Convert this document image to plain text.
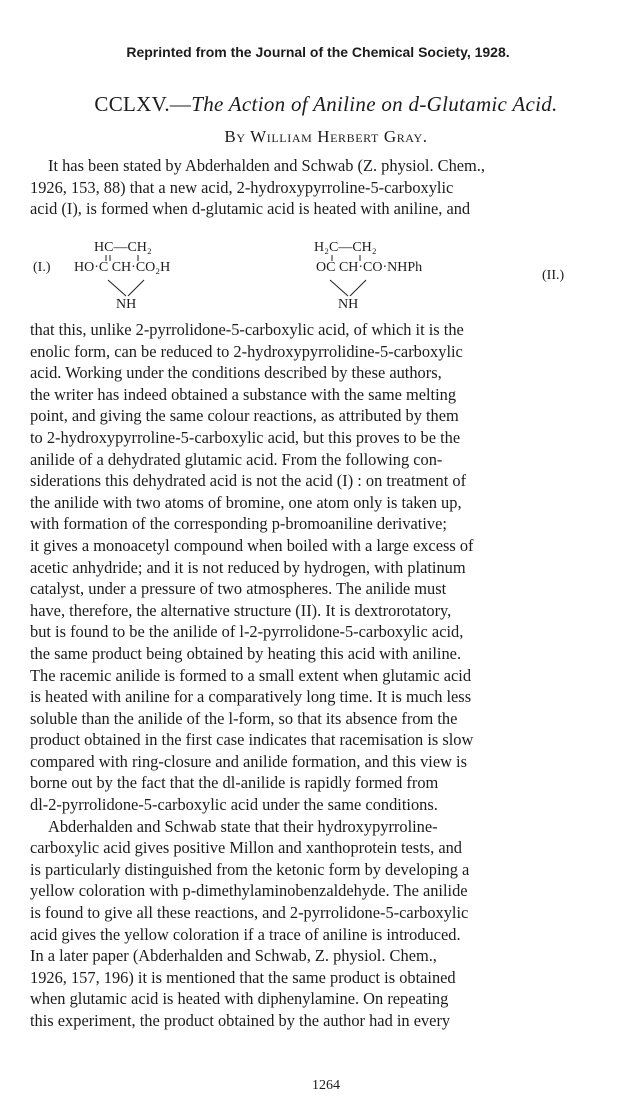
Reprinted from the Journal of the Chemical Society, 1928.
CCLXV.—The Action of Aniline on d-Glutamic Acid.
By William Herbert Gray.
It has been stated by Abderhalden and Schwab (Z. physiol. Chem.,
1926, 153, 88) that a new acid, 2-hydroxypyrroline-5-carboxylic
acid (I), is formed when d-glutamic acid is heated with aniline, and
(I.)
HC—CH₂
HO·C CH·CO₂H
NH
H₂C—CH₂
OC CH·CO·NHPh
NH
(II.)
that this, unlike 2-pyrrolidone-5-carboxylic acid, of which it is the
enolic form, can be reduced to 2-hydroxypyrrolidine-5-carboxylic
acid. Working under the conditions described by these authors,
the writer has indeed obtained a substance with the same melting
point, and giving the same colour reactions, as attributed by them
to 2-hydroxypyrroline-5-carboxylic acid, but this proves to be the
anilide of a dehydrated glutamic acid. From the following con-
siderations this dehydrated acid is not the acid (I) : on treatment of
the anilide with two atoms of bromine, one atom only is taken up,
with formation of the corresponding p-bromoaniline derivative;
it gives a monoacetyl compound when boiled with a large excess of
acetic anhydride; and it is not reduced by hydrogen, with platinum
catalyst, under a pressure of two atmospheres. The anilide must
have, therefore, the alternative structure (II). It is dextrorotatory,
but is found to be the anilide of l-2-pyrrolidone-5-carboxylic acid,
the same product being obtained by heating this acid with aniline.
The racemic anilide is formed to a small extent when glutamic acid
is heated with aniline for a comparatively long time. It is much less
soluble than the anilide of the l-form, so that its absence from the
product obtained in the first case indicates that racemisation is slow
compared with ring-closure and anilide formation, and this view is
borne out by the fact that the dl-anilide is rapidly formed from
dl-2-pyrrolidone-5-carboxylic acid under the same conditions.
Abderhalden and Schwab state that their hydroxypyrroline-
carboxylic acid gives positive Millon and xanthoprotein tests, and
is particularly distinguished from the ketonic form by developing a
yellow coloration with p-dimethylaminobenzaldehyde. The anilide
is found to give all these reactions, and 2-pyrrolidone-5-carboxylic
acid gives the yellow coloration if a trace of aniline is introduced.
In a later paper (Abderhalden and Schwab, Z. physiol. Chem.,
1926, 157, 196) it is mentioned that the same product is obtained
when glutamic acid is heated with diphenylamine. On repeating
this experiment, the product obtained by the author had in every
1264
